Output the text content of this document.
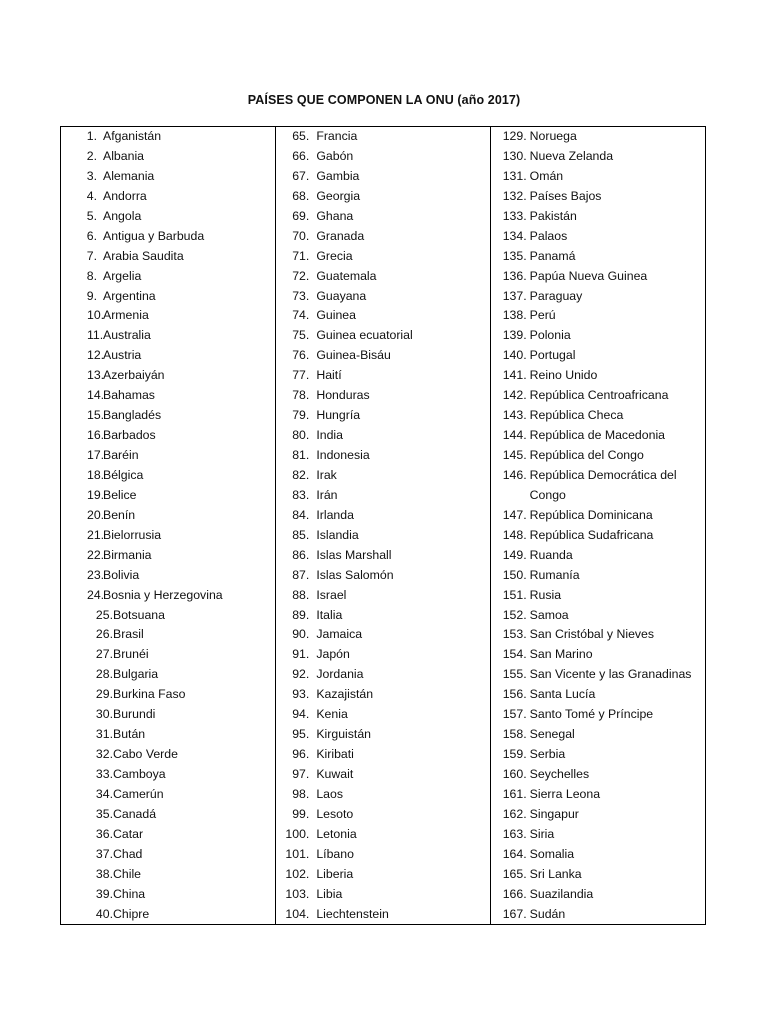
PAÍSES QUE COMPONEN LA ONU (año 2017)
1. Afganistán
2. Albania
3. Alemania
4. Andorra
5. Angola
6. Antigua y Barbuda
7. Arabia Saudita
8. Argelia
9. Argentina
10.
Armenia
11. Australia
12.
Austria
13.
Azerbaiyán
14.
Bahamas
15.
Bangladés
16.
Barbados
17.
Baréin
18.
Bélgica
19.
Belice
20.
Benín
21.
Bielorrusia
22.
Birmania
23.
Bolivia
24.
Bosnia y Herzegovina
25. Botsuana
26. Brasil
27. Brunéi
28. Bulgaria
29. Burkina Faso
30. Burundi
31. Bután
32. Cabo Verde
33. Camboya
34. Camerún
35. Canadá
36. Catar
37. Chad
38. Chile
39. China
40. Chipre
65. Francia
66. Gabón
67. Gambia
68. Georgia
69. Ghana
70. Granada
71. Grecia
72. Guatemala
73. Guayana
74. Guinea
75. Guinea ecuatorial
76. Guinea-Bisáu
77. Haití
78. Honduras
79. Hungría
80. India
81. Indonesia
82. Irak
83. Irán
84. Irlanda
85. Islandia
86. Islas Marshall
87. Islas Salomón
88. Israel
89. Italia
90. Jamaica
91. Japón
92. Jordania
93. Kazajistán
94. Kenia
95. Kirguistán
96. Kiribati
97. Kuwait
98. Laos
99. Lesoto
100. Letonia
101. Líbano
102. Liberia
103. Libia
104. Liechtenstein
129. Noruega
130. Nueva Zelanda
131. Omán
132. Países Bajos
133. Pakistán
134. Palaos
135. Panamá
136. Papúa Nueva Guinea
137. Paraguay
138. Perú
139. Polonia
140. Portugal
141. Reino Unido
142. República Centroafricana
143. República Checa
144. República de Macedonia
145. República del Congo
146. República Democrática del
Congo
147. República Dominicana
148. República Sudafricana
149. Ruanda
150. Rumanía
151. Rusia
152. Samoa
153. San Cristóbal y Nieves
154. San Marino
155. San Vicente y las Granadinas
156. Santa Lucía
157. Santo Tomé y Príncipe
158. Senegal
159. Serbia
160. Seychelles
161. Sierra Leona
162. Singapur
163. Siria
164. Somalia
165. Sri Lanka
166. Suazilandia
167. Sudán
